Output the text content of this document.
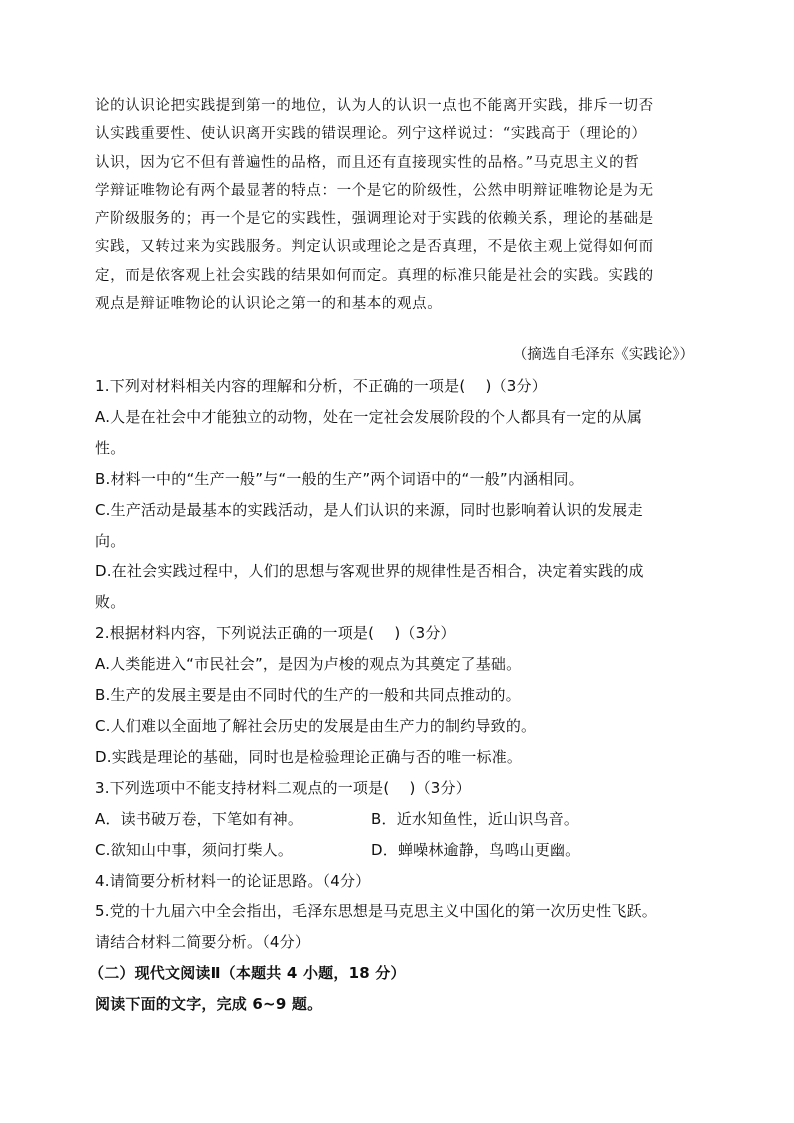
论的认识论把实践提到第一的地位，认为人的认识一点也不能离开实践，排斥一切否

认实践重要性、使认识离开实践的错误理论。列宁这样说过：“实践高于（理论的）

认识，因为它不但有普遍性的品格，而且还有直接现实性的品格。”马克思主义的哲

学辩证唯物论有两个最显著的特点：一个是它的阶级性，公然申明辩证唯物论是为无

产阶级服务的；再一个是它的实践性，强调理论对于实践的依赖关系，理论的基础是

实践，又转过来为实践服务。判定认识或理论之是否真理，不是依主观上觉得如何而

定，而是依客观上社会实践的结果如何而定。真理的标准只能是社会的实践。实践的

观点是辩证唯物论的认识论之第一的和基本的观点。

（摘选自毛泽东《实践论》）
1.下列对材料相关内容的理解和分析，不正确的一项是(　 )（3分）
A.人是在社会中才能独立的动物，处在一定社会发展阶段的个人都具有一定的从属
性。
B.材料一中的“生产一般”与“一般的生产”两个词语中的“一般”内涵相同。
C.生产活动是最基本的实践活动，是人们认识的来源，同时也影响着认识的发展走
向。
D.在社会实践过程中，人们的思想与客观世界的规律性是否相合，决定着实践的成
败。
2.根据材料内容，下列说法正确的一项是(　 )（3分）
A.人类能进入“市民社会”，是因为卢梭的观点为其奠定了基础。
B.生产的发展主要是由不同时代的生产的一般和共同点推动的。
C.人们难以全面地了解社会历史的发展是由生产力的制约导致的。
D.实践是理论的基础，同时也是检验理论正确与否的唯一标准。
3.下列选项中不能支持材料二观点的一项是(　 )（3分）
A．读书破万卷，下笔如有神。	B．近水知鱼性，近山识鸟音。
C.欲知山中事，须问打柴人。	D．蝉噪林逾静，鸟鸣山更幽。
4.请简要分析材料一的论证思路。（4分）
5.党的十九届六中全会指出，毛泽东思想是马克思主义中国化的第一次历史性飞跃。
请结合材料二简要分析。（4分）
（二）现代文阅读Ⅱ（本题共 4 小题，18 分）
阅读下面的文字，完成 6~9 题。
